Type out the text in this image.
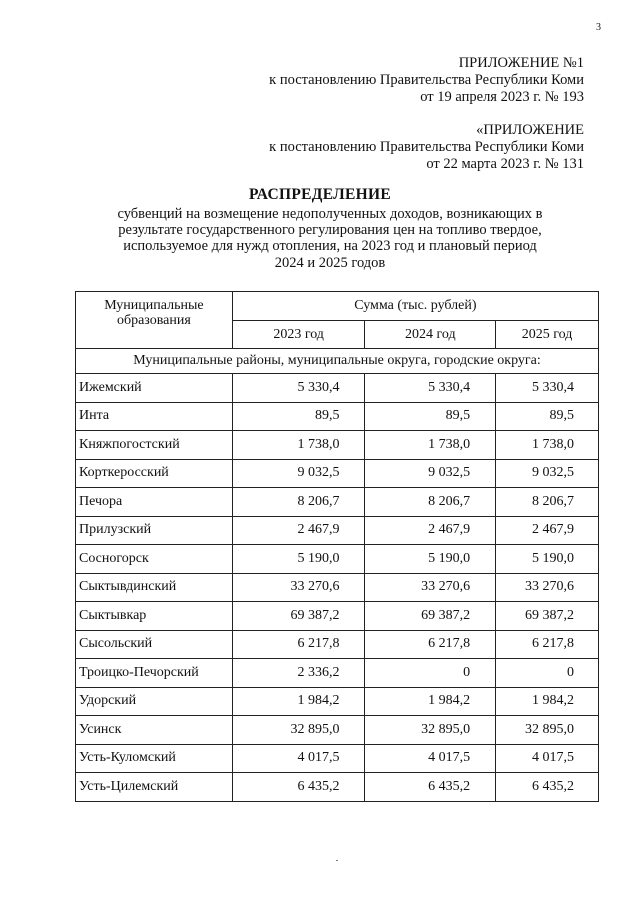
3
ПРИЛОЖЕНИЕ №1
к постановлению Правительства Республики Коми
от 19 апреля 2023 г. № 193
«ПРИЛОЖЕНИЕ
к постановлению Правительства Республики Коми
от 22 марта 2023 г. № 131
РАСПРЕДЕЛЕНИЕ
субвенций на возмещение недополученных доходов, возникающих в
результате государственного регулирования цен на топливо твердое,
используемое для нужд отопления, на 2023 год и плановый период
2024 и 2025 годов
Муниципальные
образования	Сумма (тыс. рублей)		
	2023 год	2024 год	2025 год
Муниципальные районы, муниципальные округа, городские округа:			
Ижемский	5 330,4	5 330,4	5 330,4
Инта	89,5	89,5	89,5
Княжпогостский	1 738,0	1 738,0	1 738,0
Корткеросский	9 032,5	9 032,5	9 032,5
Печора	8 206,7	8 206,7	8 206,7
Прилузский	2 467,9	2 467,9	2 467,9
Сосногорск	5 190,0	5 190,0	5 190,0
Сыктывдинский	33 270,6	33 270,6	33 270,6
Сыктывкар	69 387,2	69 387,2	69 387,2
Сысольский	6 217,8	6 217,8	6 217,8
Троицко-Печорский	2 336,2	0	0
Удорский	1 984,2	1 984,2	1 984,2
Усинск	32 895,0	32 895,0	32 895,0
Усть-Куломский	4 017,5	4 017,5	4 017,5
Усть-Цилемский	6 435,2	6 435,2	6 435,2
